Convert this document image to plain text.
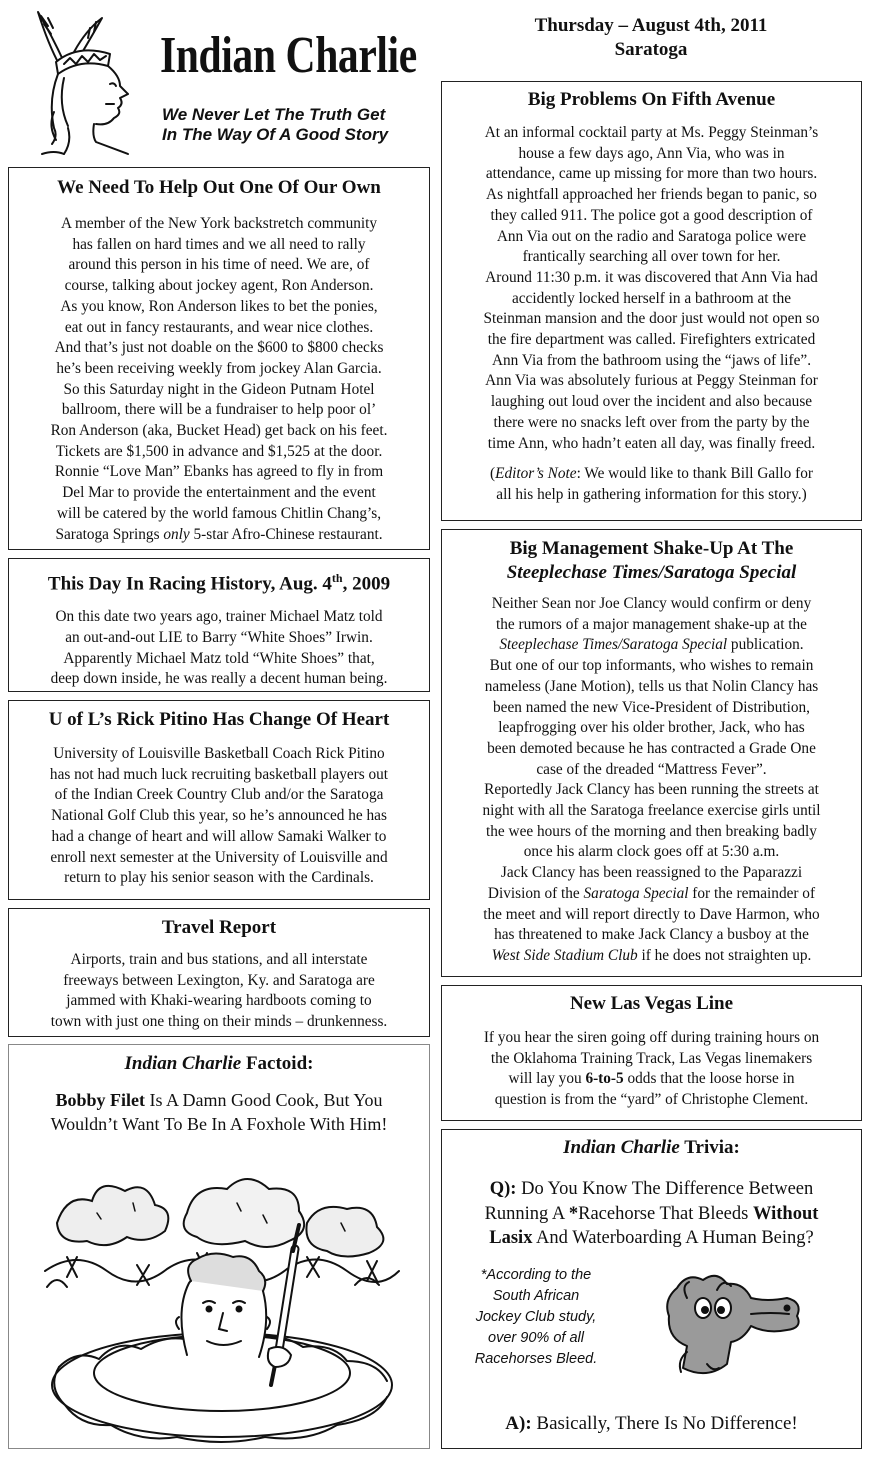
Indian Charlie
We Never Let The Truth Get
In The Way Of A Good Story
Thursday – August 4th, 2011
Saratoga
We Need To Help Out One Of Our Own

A member of the New York backstretch community

has fallen on hard times and we all need to rally

around this person in his time of need. We are, of

course, talking about jockey agent, Ron Anderson.

As you know, Ron Anderson likes to bet the ponies,

eat out in fancy restaurants, and wear nice clothes.

And that’s just not doable on the $600 to $800 checks

he’s been receiving weekly from jockey Alan Garcia.

So this Saturday night in the Gideon Putnam Hotel

ballroom, there will be a fundraiser to help poor ol’

Ron Anderson (aka, Bucket Head) get back on his feet.

Tickets are $1,500 in advance and $1,525 at the door.

Ronnie “Love Man” Ebanks has agreed to fly in from

Del Mar to provide the entertainment and the event

will be catered by the world famous Chitlin Chang’s,

Saratoga Springs only 5-star Afro-Chinese restaurant.

This Day In Racing History, Aug. 4th, 2009

On this date two years ago, trainer Michael Matz told

an out-and-out LIE to Barry “White Shoes” Irwin.

Apparently Michael Matz told “White Shoes” that,

deep down inside, he was really a decent human being.

U of L’s Rick Pitino Has Change Of Heart

University of Louisville Basketball Coach Rick Pitino

has not had much luck recruiting basketball players out

of the Indian Creek Country Club and/or the Saratoga

National Golf Club this year, so he’s announced he has

had a change of heart and will allow Samaki Walker to

enroll next semester at the University of Louisville and

return to play his senior season with the Cardinals.

Travel Report

Airports, train and bus stations, and all interstate

freeways between Lexington, Ky. and Saratoga are

jammed with Khaki-wearing hardboots coming to

town with just one thing on their minds – drunkenness.

Indian Charlie Factoid:
Bobby Filet Is A Damn Good Cook, But You
Wouldn’t Want To Be In A Foxhole With Him!
Big Problems On Fifth Avenue

At an informal cocktail party at Ms. Peggy Steinman’s

house a few days ago, Ann Via, who was in

attendance, came up missing for more than two hours.

As nightfall approached her friends began to panic, so

they called 911. The police got a good description of

Ann Via out on the radio and Saratoga police were

frantically searching all over town for her.

Around 11:30 p.m. it was discovered that Ann Via had

accidently locked herself in a bathroom at the

Steinman mansion and the door just would not open so

the fire department was called. Firefighters extricated

Ann Via from the bathroom using the “jaws of life”.

Ann Via was absolutely furious at Peggy Steinman for

laughing out loud over the incident and also because

there were no snacks left over from the party by the

time Ann, who hadn’t eaten all day, was finally freed.

(Editor’s Note: We would like to thank Bill Gallo for

all his help in gathering information for this story.)

Big Management Shake-Up At The
Steeplechase Times/Saratoga Special

Neither Sean nor Joe Clancy would confirm or deny

the rumors of a major management shake-up at the

Steeplechase Times/Saratoga Special publication.

But one of our top informants, who wishes to remain

nameless (Jane Motion), tells us that Nolin Clancy has

been named the new Vice-President of Distribution,

leapfrogging over his older brother, Jack, who has

been demoted because he has contracted a Grade One

case of the dreaded “Mattress Fever”.

Reportedly Jack Clancy has been running the streets at

night with all the Saratoga freelance exercise girls until

the wee hours of the morning and then breaking badly

once his alarm clock goes off at 5:30 a.m.

Jack Clancy has been reassigned to the Paparazzi

Division of the Saratoga Special for the remainder of

the meet and will report directly to Dave Harmon, who

has threatened to make Jack Clancy a busboy at the

West Side Stadium Club if he does not straighten up.

New Las Vegas Line

If you hear the siren going off during training hours on

the Oklahoma Training Track, Las Vegas linemakers

will lay you 6-to-5 odds that the loose horse in

question is from the “yard” of Christophe Clement.

Indian Charlie Trivia:
Q): Do You Know The Difference Between
Running A *Racehorse That Bleeds Without
Lasix And Waterboarding A Human Being?
*According to the
South African
Jockey Club study,
over 90% of all
Racehorses Bleed.
A): Basically, There Is No Difference!
